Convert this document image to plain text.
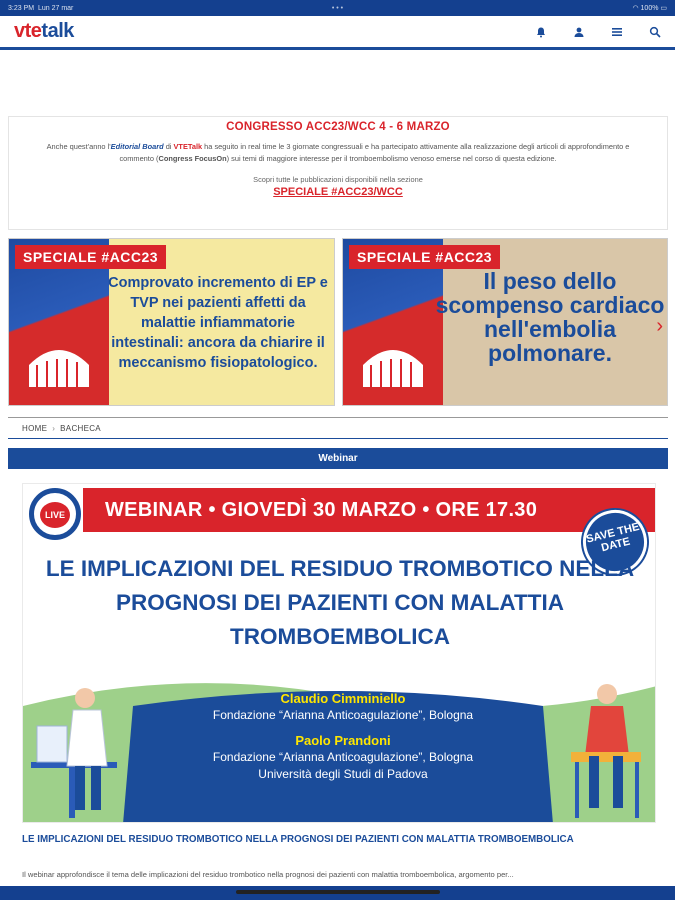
3:23 PM Lun 27 mar	• • •	◠ 100% ▭
vtetalk
CONGRESSO ACC23/WCC 4 - 6 MARZO
Anche quest'anno l'Editorial Board di VTETalk ha seguito in real time le 3 giornate congressuali e ha partecipato attivamente alla realizzazione degli articoli di approfondimento e commento (Congress FocusOn) sui temi di maggiore interesse per il tromboembolismo venoso emerse nel corso di questa edizione.
Scopri tutte le pubblicazioni disponibili nella sezione
SPECIALE #ACC23/WCC
SPECIALE #ACC23
Comprovato incremento di EP e TVP nei pazienti affetti da malattie infiammatorie intestinali: ancora da chiarire il meccanismo fisiopatologico.
SPECIALE #ACC23
Il peso dello scompenso cardiaco nell'embolia polmonare.
›
HOME › BACHECA
Webinar
WEBINAR • GIOVEDÌ 30 MARZO • ORE 17.30
LIVE
SAVE THE DATE
LE IMPLICAZIONI DEL RESIDUO TROMBOTICO NELLA PROGNOSI DEI PAZIENTI CON MALATTIA TROMBOEMBOLICA
Claudio Cimminiello
Fondazione “Arianna Anticoagulazione”, Bologna
Paolo Prandoni
Fondazione “Arianna Anticoagulazione”, Bologna
Università degli Studi di Padova
LE IMPLICAZIONI DEL RESIDUO TROMBOTICO NELLA PROGNOSI DEI PAZIENTI CON MALATTIA TROMBOEMBOLICA
Il webinar approfondisce il tema delle implicazioni del residuo trombotico nella prognosi dei pazienti con malattia tromboembolica, argomento per...
